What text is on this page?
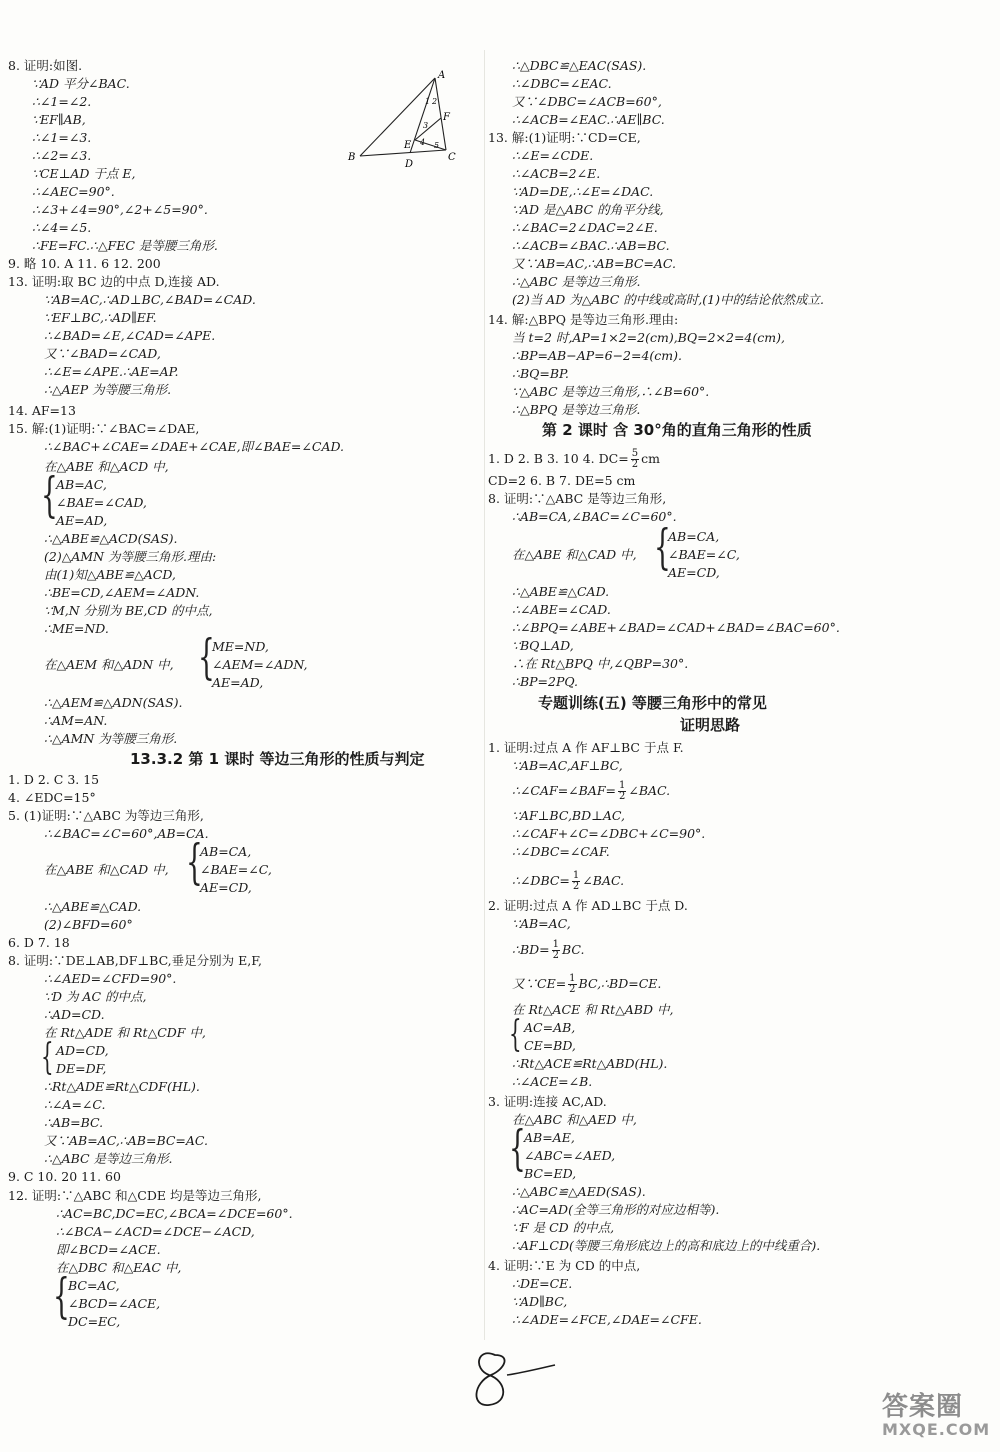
8. 证明:如图.
∵AD 平分∠BAC.
∴∠1=∠2.
∵EF∥AB,
∴∠1=∠3.
∴∠2=∠3.
∵CE⊥AD 于点 E,
∴∠AEC=90°.
∴∠3+∠4=90°,∠2+∠5=90°.
∴∠4=∠5.
∴FE=FC.∴△FEC 是等腰三角形.
A
B	C
D
E
F
1 2
3
4 5
9. 略 10. A 11. 6 12. 200
13. 证明:取 BC 边的中点 D,连接 AD.
∵AB=AC,∴AD⊥BC,∠BAD=∠CAD.
∵EF⊥BC,∴AD∥EF.
∴∠BAD=∠E,∠CAD=∠APE.
又∵∠BAD=∠CAD,
∴∠E=∠APE.∴AE=AP.
∴△AEP 为等腰三角形.
14. AF=13
15. 解:(1)证明:∵∠BAC=∠DAE,
∴∠BAC+∠CAE=∠DAE+∠CAE,即∠BAE=∠CAD.
在△ABE 和△ACD 中,
{
AB=AC,
∠BAE=∠CAD,
AE=AD,
∴△ABE≌△ACD(SAS).
(2)△AMN 为等腰三角形.理由:
由(1)知△ABE≌△ACD,
∴BE=CD,∠AEM=∠ADN.
∵M,N 分别为 BE,CD 的中点,
∴ME=ND.
ME=ND,
在△AEM 和△ADN 中, {
∠AEM=∠ADN,
AE=AD,
∴△AEM≌△ADN(SAS).
∴AM=AN.
∴△AMN 为等腰三角形.
13.3.2 第 1 课时 等边三角形的性质与判定
1. D 2. C 3. 15
4. ∠EDC=15°
5. (1)证明:∵△ABC 为等边三角形,
∴∠BAC=∠C=60°,AB=CA.
{
AB=CA,
在△ABE 和△CAD 中,	∠BAE=∠C,
AE=CD,
∴△ABE≌△CAD.
(2)∠BFD=60°
6. D 7. 18
8. 证明:∵DE⊥AB,DF⊥BC,垂足分别为 E,F,
∴∠AED=∠CFD=90°.
∵D 为 AC 的中点,
∴AD=CD.
在 Rt△ADE 和 Rt△CDF 中,
{ AD=CD,
DE=DF,
∴Rt△ADE≌Rt△CDF(HL).
∴∠A=∠C.
∴AB=BC.
又∵AB=AC,∴AB=BC=AC.
∴△ABC 是等边三角形.
9. C 10. 20 11. 60
12. 证明:∵△ABC 和△CDE 均是等边三角形,
∴AC=BC,DC=EC,∠BCA=∠DCE=60°.
∴∠BCA−∠ACD=∠DCE−∠ACD,
即∠BCD=∠ACE.
在△DBC 和△EAC 中,
{
BC=AC,
∠BCD=∠ACE,
DC=EC,
∴△DBC≌△EAC(SAS).
∴∠DBC=∠EAC.
又∵∠DBC=∠ACB=60°,
∴∠ACB=∠EAC.∴AE∥BC.
13. 解:(1)证明:∵CD=CE,
∴∠E=∠CDE.
∴∠ACB=2∠E.
∵AD=DE,∴∠E=∠DAC.
∵AD 是△ABC 的角平分线,
∴∠BAC=2∠DAC=2∠E.
∴∠ACB=∠BAC.∴AB=BC.
又∵AB=AC,∴AB=BC=AC.
∴△ABC 是等边三角形.
(2)当 AD 为△ABC 的中线或高时,(1)中的结论依然成立.
14. 解:△BPQ 是等边三角形.理由:
当 t=2 时,AP=1×2=2(cm),BQ=2×2=4(cm),
∴BP=AB−AP=6−2=4(cm).
∴BQ=BP.
∵△ABC 是等边三角形,∴∠B=60°.
∴△BPQ 是等边三角形.
第 2 课时 含 30°角的直角三角形的性质
1. D 2. B 3. 10 4. $DC= \frac{5}{2}$ cm
CD=2 6. B 7. DE=5 cm
8. 证明:∵△ABC 是等边三角形,
∴AB=CA,∠BAC=∠C=60°.
{
AB=CA,
在△ABE 和△CAD 中,	∠BAE=∠C,
AE=CD,
∴△ABE≌△CAD.
∴∠ABE=∠CAD.
∴∠BPQ=∠ABE+∠BAD=∠CAD+∠BAD=∠BAC=60°.
∵BQ⊥AD,
∴在 Rt△BPQ 中,∠QBP=30°.
∴BP=2PQ.
专题训练(五) 等腰三角形中的常见
证明思路
1. 证明:过点 A 作 AF⊥BC 于点 F.
∵AB=AC,AF⊥BC,
∴∠CAF=∠BAF= $\frac{1}{2}$ ∠BAC.
∵AF⊥BC,BD⊥AC,
∴∠CAF+∠C=∠DBC+∠C=90°.
∴∠DBC=∠CAF.
∴∠DBC= $\frac{1}{2}$ ∠BAC.
2. 证明:过点 A 作 AD⊥BC 于点 D.
∵AB=AC,
∴BD= $\frac{1}{2}$ BC.
又∵CE= $\frac{1}{2}$ BC,∴BD=CE.
在 Rt△ACE 和 Rt△ABD 中,
{ AC=AB,
CE=BD,
∴Rt△ACE≌Rt△ABD(HL).
∴∠ACE=∠B.
3. 证明:连接 AC,AD.
在△ABC 和△AED 中,
{
AB=AE,
∠ABC=∠AED,
BC=ED,
∴△ABC≌△AED(SAS).
∴AC=AD(全等三角形的对应边相等).
∵F 是 CD 的中点,
∴AF⊥CD(等腰三角形底边上的高和底边上的中线重合).
4. 证明:∵E 为 CD 的中点,
∴DE=CE.
∵AD∥BC,
∴∠ADE=∠FCE,∠DAE=∠CFE.
8
答案圈
MXQE.COM
